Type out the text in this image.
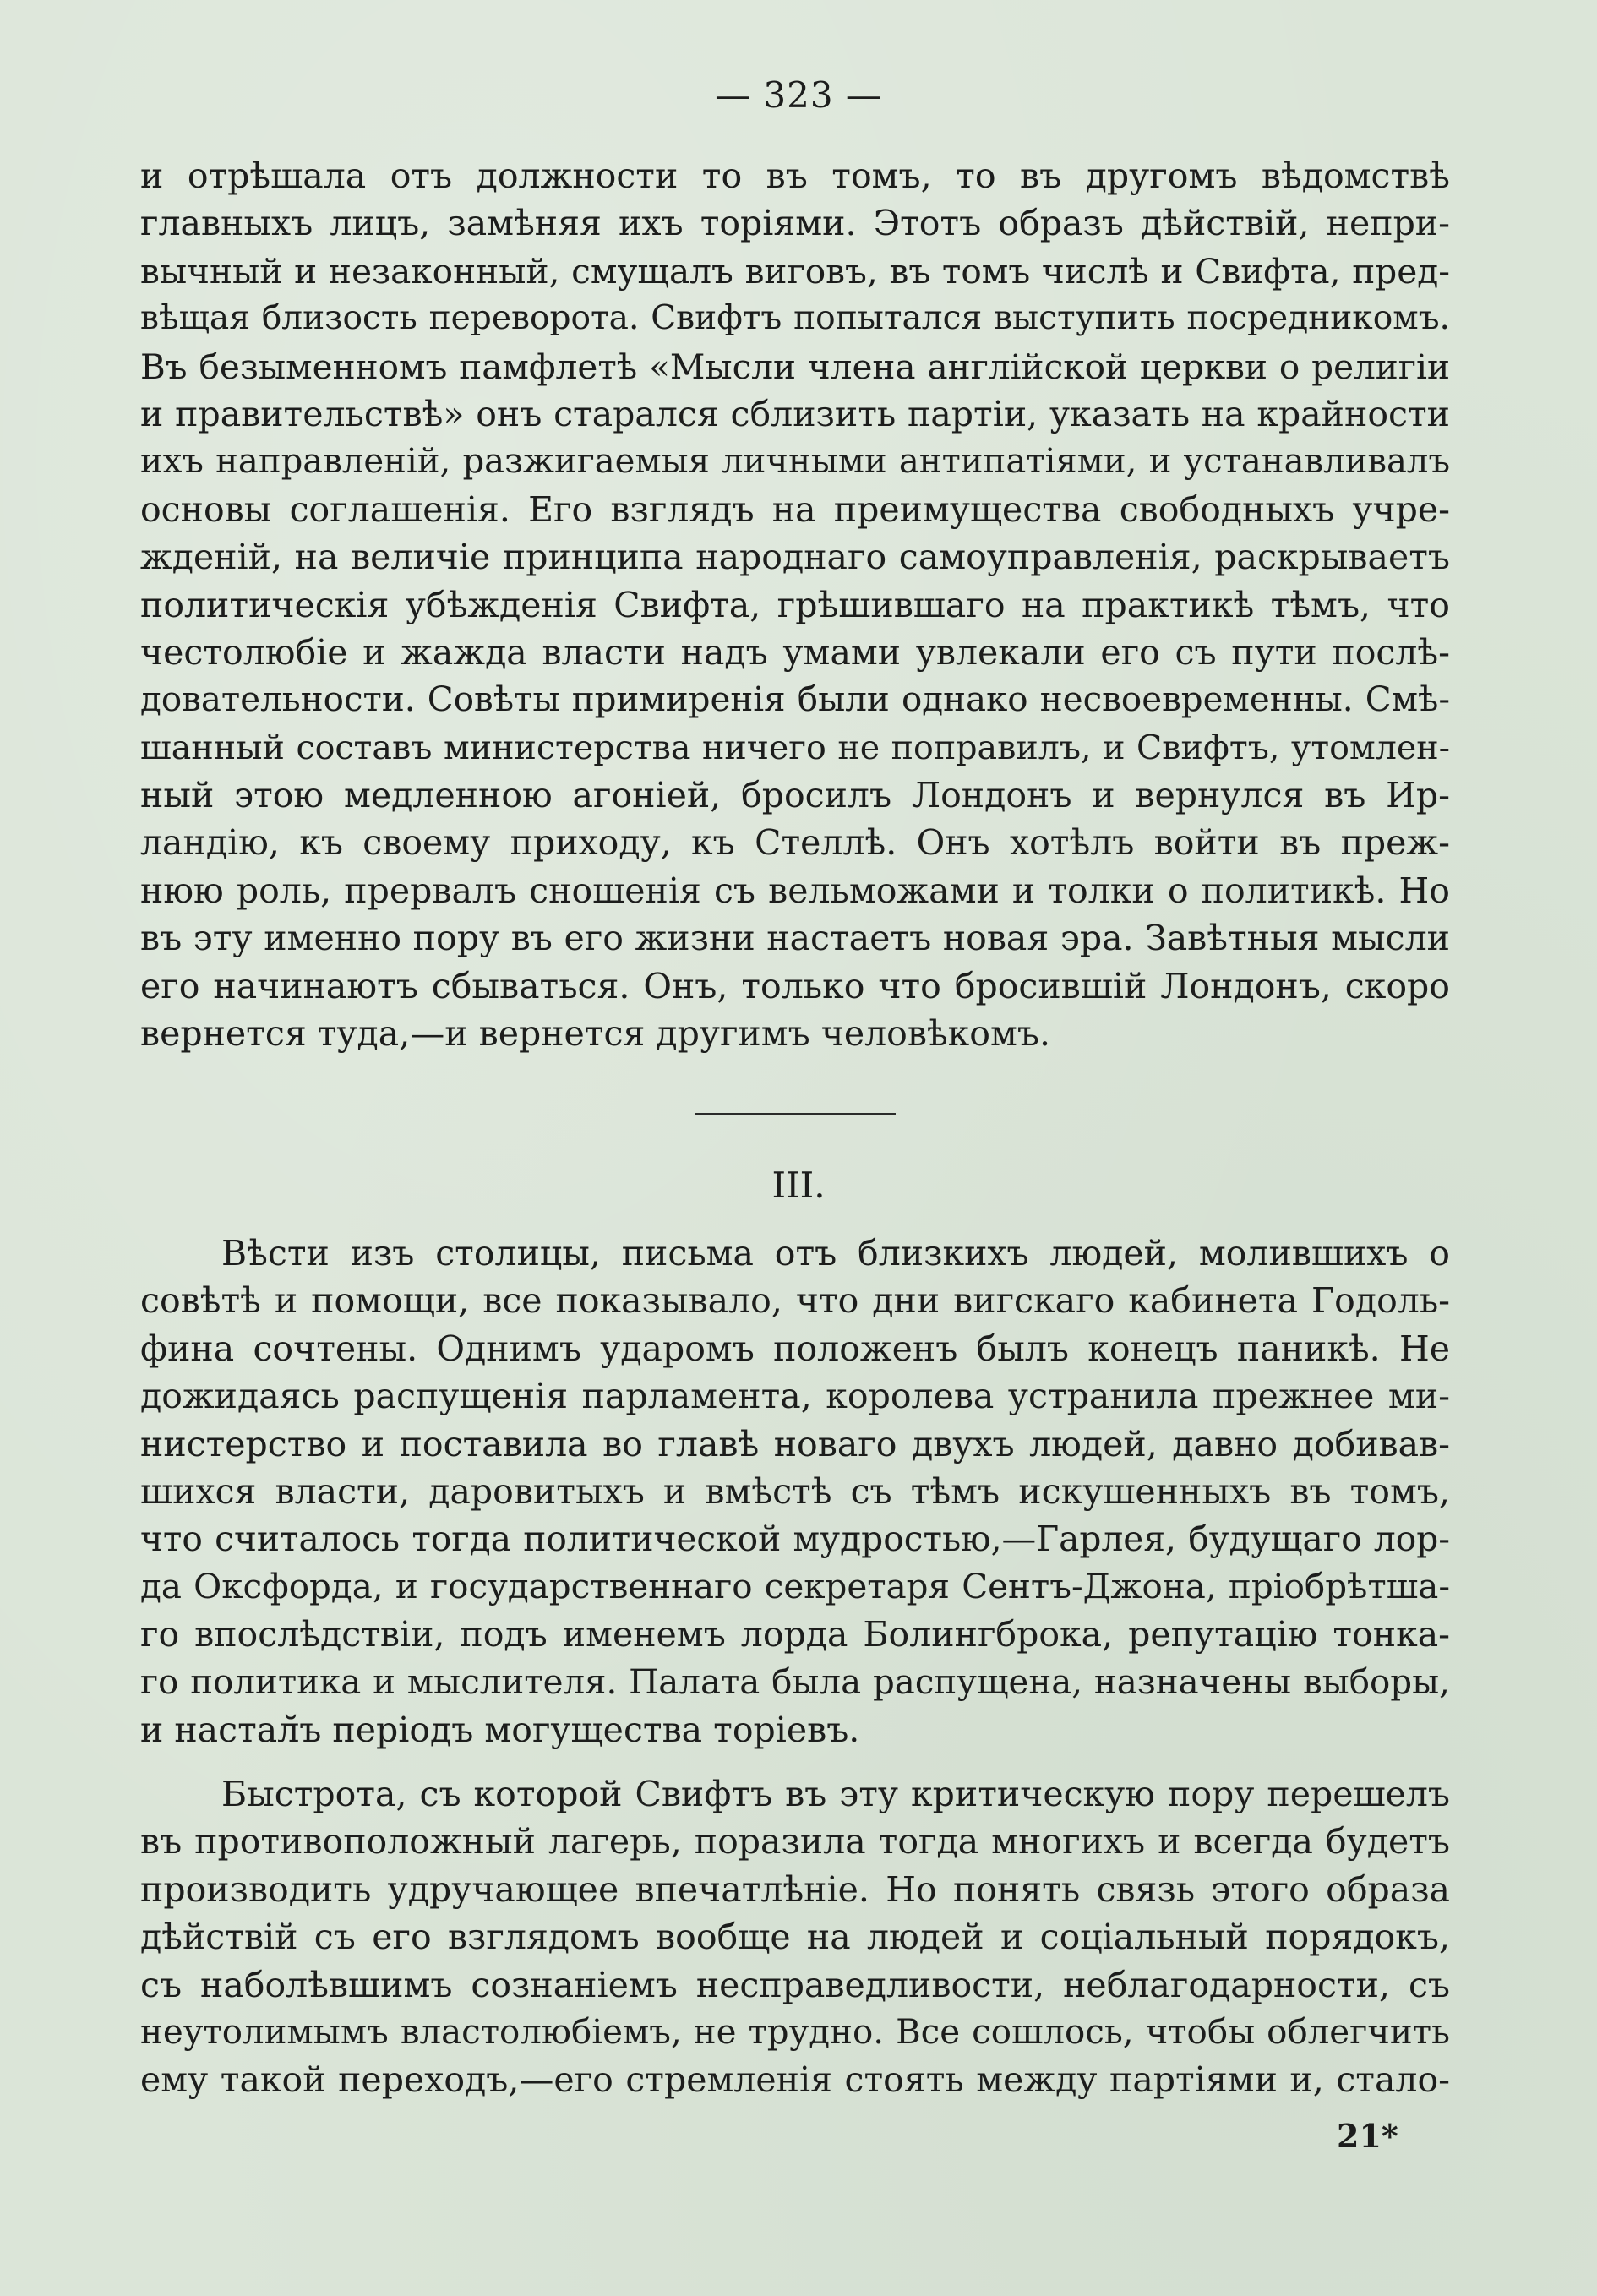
— 323 —
и отрѣшала отъ должности то въ томъ, то въ другомъ вѣдомствѣ
главныхъ лицъ, замѣняя ихъ торіями. Этотъ образъ дѣйствій, непри-
вычный и незаконный, смущалъ виговъ, въ томъ числѣ и Свифта, пред-
вѣщая близость переворота. Свифтъ попытался выступить посредникомъ.
Въ безыменномъ памфлетѣ «Мысли члена англійской церкви о религіи
и правительствѣ» онъ старался сблизить партіи, указать на крайности
ихъ направленій, разжигаемыя личными антипатіями, и устанавливалъ
основы соглашенія. Его взглядъ на преимущества свободныхъ учре-
жденій, на величіе принципа народнаго самоуправленія, раскрываетъ
политическія убѣжденія Свифта, грѣшившаго на практикѣ тѣмъ, что
честолюбіе и жажда власти надъ умами увлекали его съ пути послѣ-
довательности. Совѣты примиренія были однако несвоевременны. Смѣ-
шанный составъ министерства ничего не поправилъ, и Свифтъ, утомлен-
ный этою медленною агоніей, бросилъ Лондонъ и вернулся въ Ир-
ландію, къ своему приходу, къ Стеллѣ. Онъ хотѣлъ войти въ преж-
нюю роль, прервалъ сношенія съ вельможами и толки о политикѣ. Но
въ эту именно пору въ его жизни настаетъ новая эра. Завѣтныя мысли
его начинаютъ сбываться. Онъ, только что бросившій Лондонъ, скоро
вернется туда,—и вернется другимъ человѣкомъ.
III.
Вѣсти изъ столицы, письма отъ близкихъ людей, молившихъ о
совѣтѣ и помощи, все показывало, что дни вигскаго кабинета Годоль-
фина сочтены. Однимъ ударомъ положенъ былъ конецъ паникѣ. Не
дожидаясь распущенія парламента, королева устранила прежнее ми-
нистерство и поставила во главѣ новаго двухъ людей, давно добивав-
шихся власти, даровитыхъ и вмѣстѣ съ тѣмъ искушенныхъ въ томъ,
что считалось тогда политической мудростью,—Гарлея, будущаго лор-
да Оксфорда, и государственнаго секретаря Сентъ-Джона, пріобрѣтша-
го впослѣдствіи, подъ именемъ лорда Болингброка, репутацію тонка-
го политика и мыслителя. Палата была распущена, назначены выборы,
и настал̆ъ періодъ могущества торіевъ.
Быстрота, съ которой Свифтъ въ эту критическую пору перешелъ
въ противоположный лагерь, поразила тогда многихъ и всегда будетъ
производить удручающее впечатлѣніе. Но понять связь этого образа
дѣйствій съ его взглядомъ вообще на людей и соціальный порядокъ,
съ наболѣвшимъ сознаніемъ несправедливости, неблагодарности, съ
неутолимымъ властолюбіемъ, не трудно. Все сошлось, чтобы облегчить
ему такой переходъ,—его стремленія стоять между партіями и, стало-
21*
